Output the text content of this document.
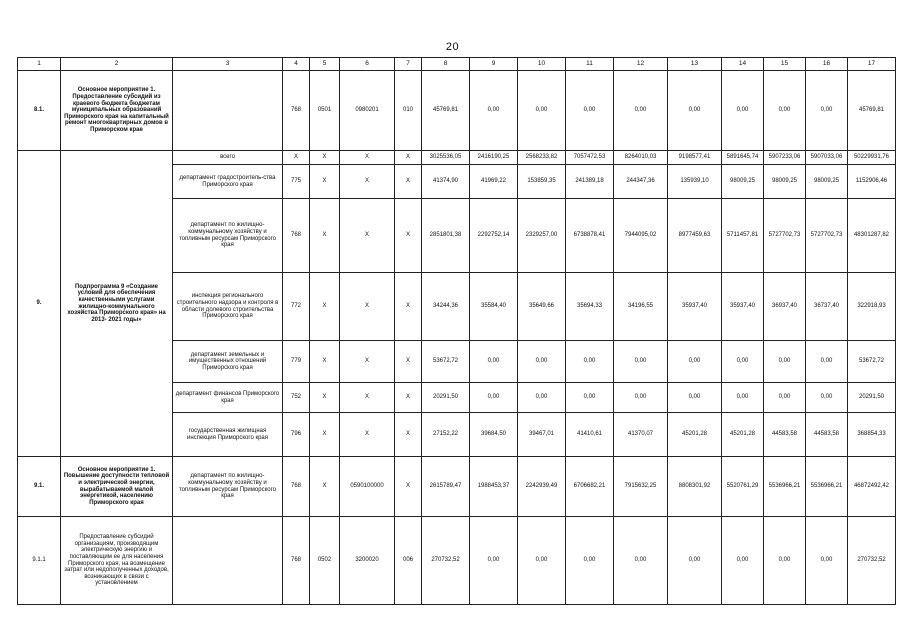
20
1	2	3	4	5	6	7	8	9	10	11	12	13	14	15	16	17
8.1.	Основное мероприятие 1. Предоставление субсидий из краевого бюджета бюджетам муниципальных образований Приморского края на капитальный ремонт многоквартирных домов в Приморском крае		768	0501	0980201	010	45769,81	0,00	0,00	0,00	0,00	0,00	0,00	0,00	0,00	45769,81
9.	Подпрограмма 9 «Создание условий для обеспечения качественными услугами жилищно-коммунального хозяйства Приморского края» на 2013- 2021 годы»	всего	Х	Х	Х	Х	3025536,05	2416190,25	2568233,82	7057472,53	8264010,03	9198577,41	5891645,74	5907233,06	5907033,06	50229931,76
		департамент градостроитель-ства Приморского края	775	Х	Х	Х	41374,90	41969,22	153859,35	241389,18	244347,36	135939,10	98009,25	98009,25	98009,25	1152906,46
		департамент по жилищно-коммунальному хозяйству и топливным ресурсам Приморского края	768	Х	Х	Х	2851801,38	2292752,14	2329257,00	6738878,41	7944095,02	8977459,63	5711457,81	5727702,73	5727702,73	48301287,82
		инспекция регионального строительного надзора и контроля в области долевого строительства Приморского края	772	Х	Х	Х	34244,36	35584,40	35649,66	35694,33	34196,55	35937,40	35937,40	36937,40	36737,40	322918,93
		департамент земельных и имущественных отношений Приморского края	779	Х	Х	Х	53672,72	0,00	0,00	0,00	0,00	0,00	0,00	0,00	0,00	53672,72
		департамент финансов Приморского края	752	Х	Х	Х	20291,50	0,00	0,00	0,00	0,00	0,00	0,00	0,00	0,00	20291,50
		государственная жилищная инспекция Приморского края	796	Х	Х	Х	27152,22	39684,50	39467,01	41410,61	41370,07	45201,28	45201,28	44583,58	44583,58	368854,33
9.1.	Основное мероприятие 1. Повышение доступности тепловой и электрической энергии, вырабатываемой малой энергетикой, населению Приморского края	департамент по жилищно-коммунальному хозяйству и топливным ресурсам Приморского края	768	Х	0590100000	Х	2615789,47	1988453,37	2242939,49	6706682,21	7915632,25	8808301,92	5520761,29	5536966,21	5536966,21	46872492,42
9.1.1	Предоставление субсидий организациям, производящим электрическую энергию и поставляющим ее для населения Приморского края, на возмещение затрат или недополученных доходов, возникающих в связи с установлением		768	0502	3200020	006	270732,52	0,00	0,00	0,00	0,00	0,00	0,00	0,00	0,00	270732,52
